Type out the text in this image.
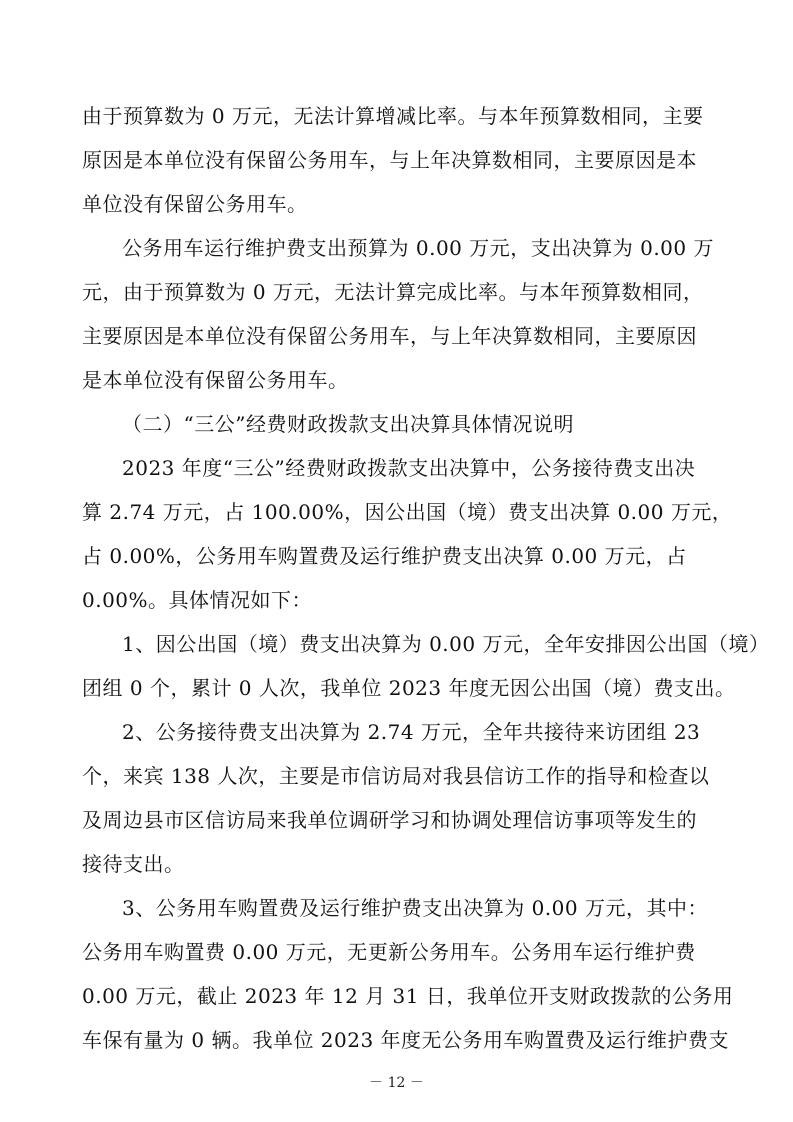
由于预算数为 0 万元，无法计算增减比率。与本年预算数相同，主要
原因是本单位没有保留公务用车，与上年决算数相同，主要原因是本
单位没有保留公务用车。
公务用车运行维护费支出预算为 0.00 万元，支出决算为 0.00 万
元，由于预算数为 0 万元，无法计算完成比率。与本年预算数相同，
主要原因是本单位没有保留公务用车，与上年决算数相同，主要原因
是本单位没有保留公务用车。
（二）“三公”经费财政拨款支出决算具体情况说明
2023 年度“三公”经费财政拨款支出决算中，公务接待费支出决
算 2.74 万元，占 100.00%，因公出国（境）费支出决算 0.00 万元，
占 0.00%，公务用车购置费及运行维护费支出决算 0.00 万元，占
0.00%。具体情况如下：
1、因公出国（境）费支出决算为 0.00 万元，全年安排因公出国（境）
团组 0 个，累计 0 人次，我单位 2023 年度无因公出国（境）费支出。
2、公务接待费支出决算为 2.74 万元，全年共接待来访团组 23
个，来宾 138 人次，主要是市信访局对我县信访工作的指导和检查以
及周边县市区信访局来我单位调研学习和协调处理信访事项等发生的
接待支出。
3、公务用车购置费及运行维护费支出决算为 0.00 万元，其中：
公务用车购置费 0.00 万元，无更新公务用车。公务用车运行维护费
0.00 万元，截止 2023 年 12 月 31 日，我单位开支财政拨款的公务用
车保有量为 0 辆。我单位 2023 年度无公务用车购置费及运行维护费支
－ 12 －
